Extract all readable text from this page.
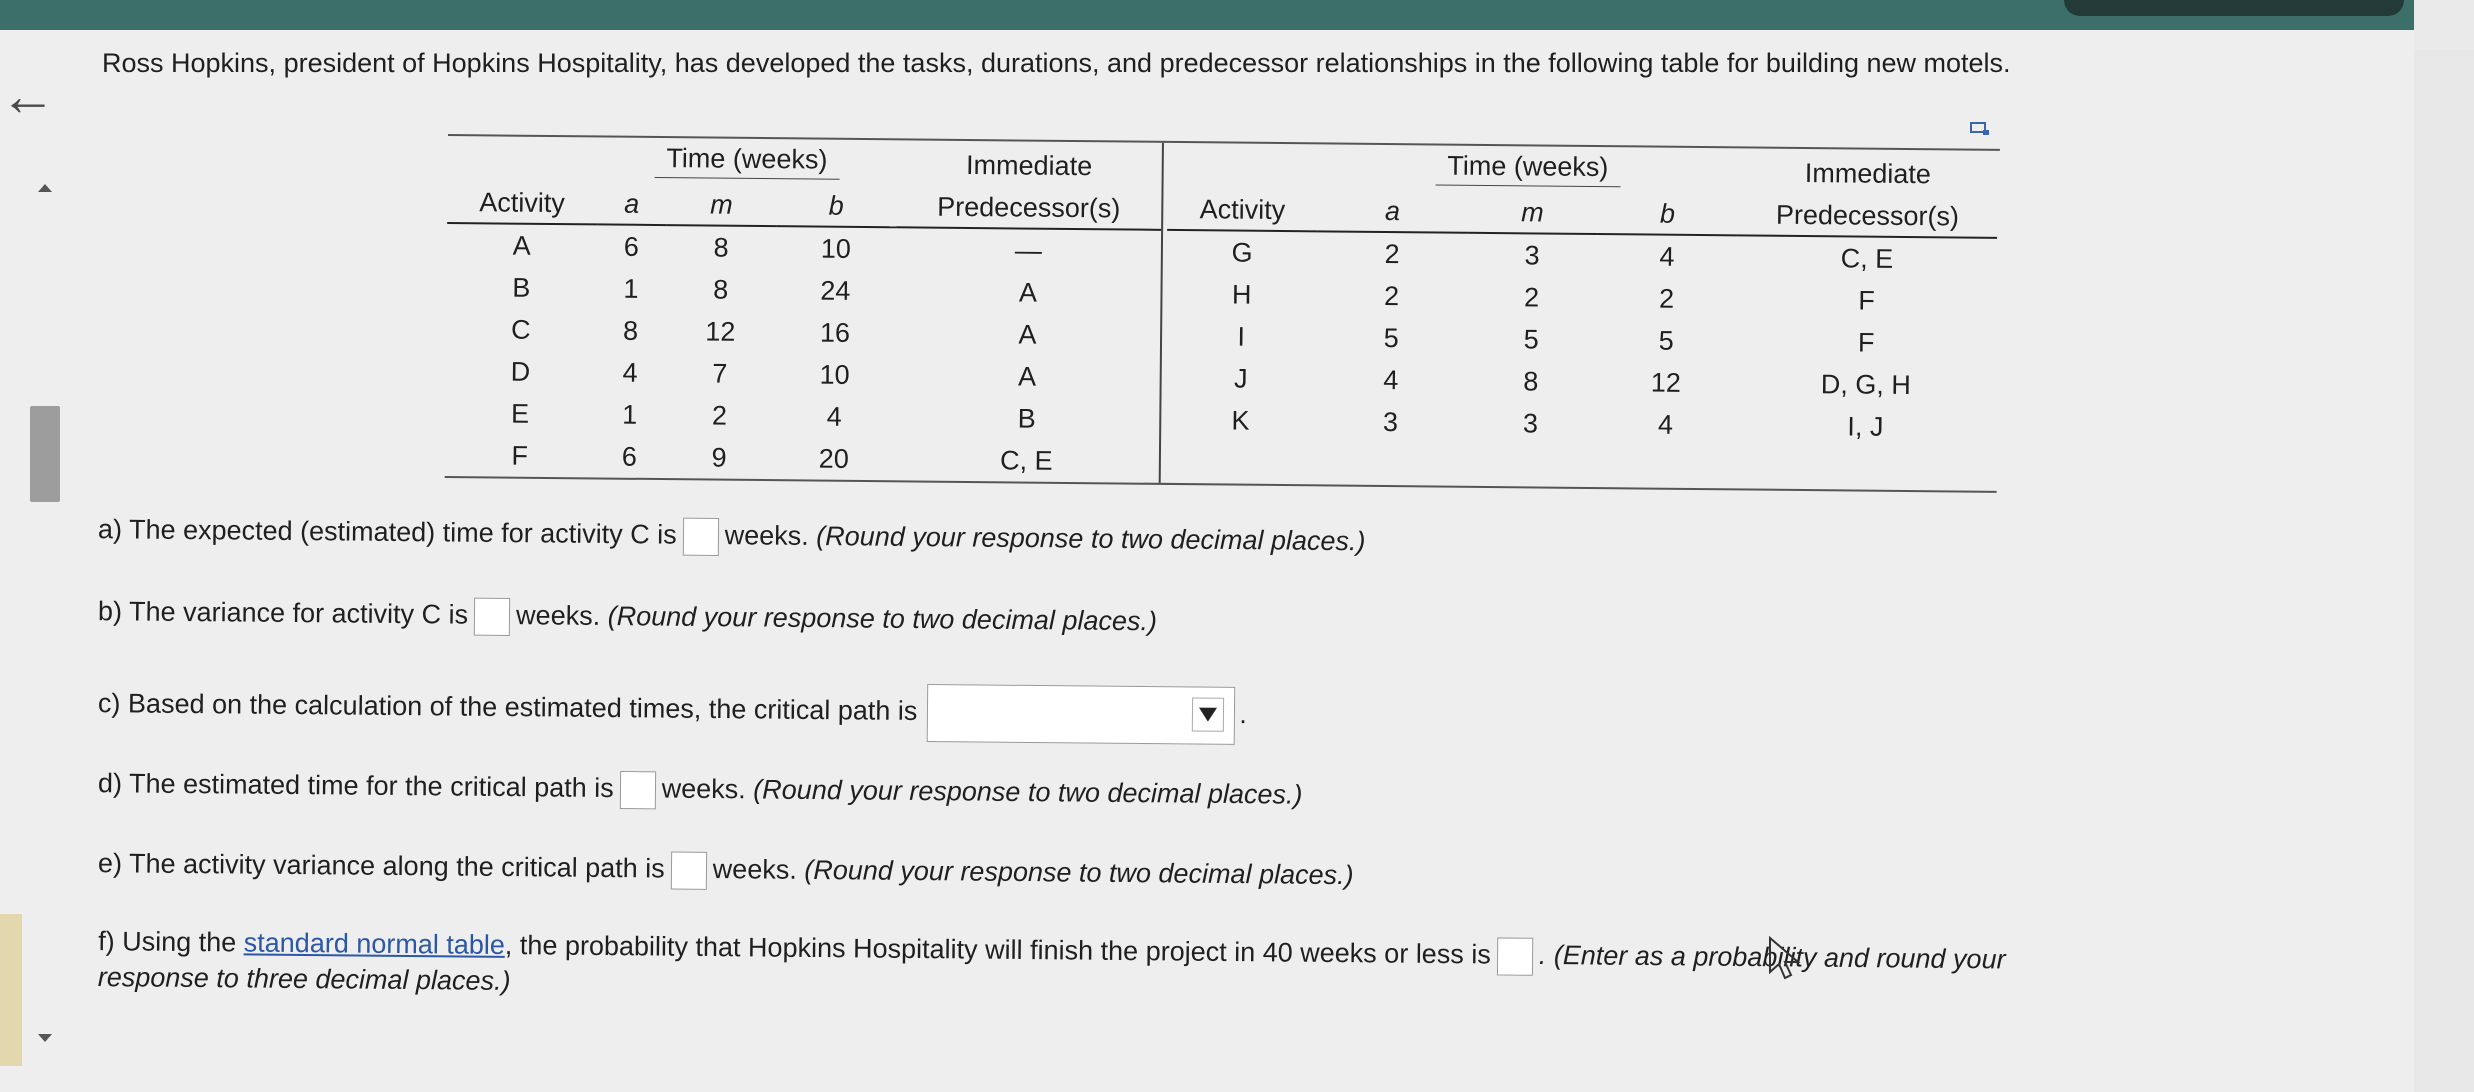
←
Ross Hopkins, president of Hopkins Hospitality, has developed the tasks, durations, and predecessor relationships in the following table for building new motels.
	Time (weeks)			Immediate
Activity	a	m	b	Predecessor(s)
A	6	8	10	—
B	1	8	24	A
C	8	12	16	A
D	4	7	10	A
E	1	2	4	B
F	6	9	20	C, E
	Time (weeks)			Immediate
Activity	a	m	b	Predecessor(s)
G	2	3	4	C, E
H	2	2	2	F
I	5	5	5	F
J	4	8	12	D, G, H
K	3	3	4	I, J

a) The expected (estimated) time for activity C is weeks. (Round your response to two decimal places.)
b) The variance for activity C is weeks. (Round your response to two decimal places.)
c) Based on the calculation of the estimated times, the critical path is	.
d) The estimated time for the critical path is weeks. (Round your response to two decimal places.)
e) The activity variance along the critical path is weeks. (Round your response to two decimal places.)
f) Using the standard normal table, the probability that Hopkins Hospitality will finish the project in 40 weeks or less is . (Enter as a probability and round your
response to three decimal places.)
